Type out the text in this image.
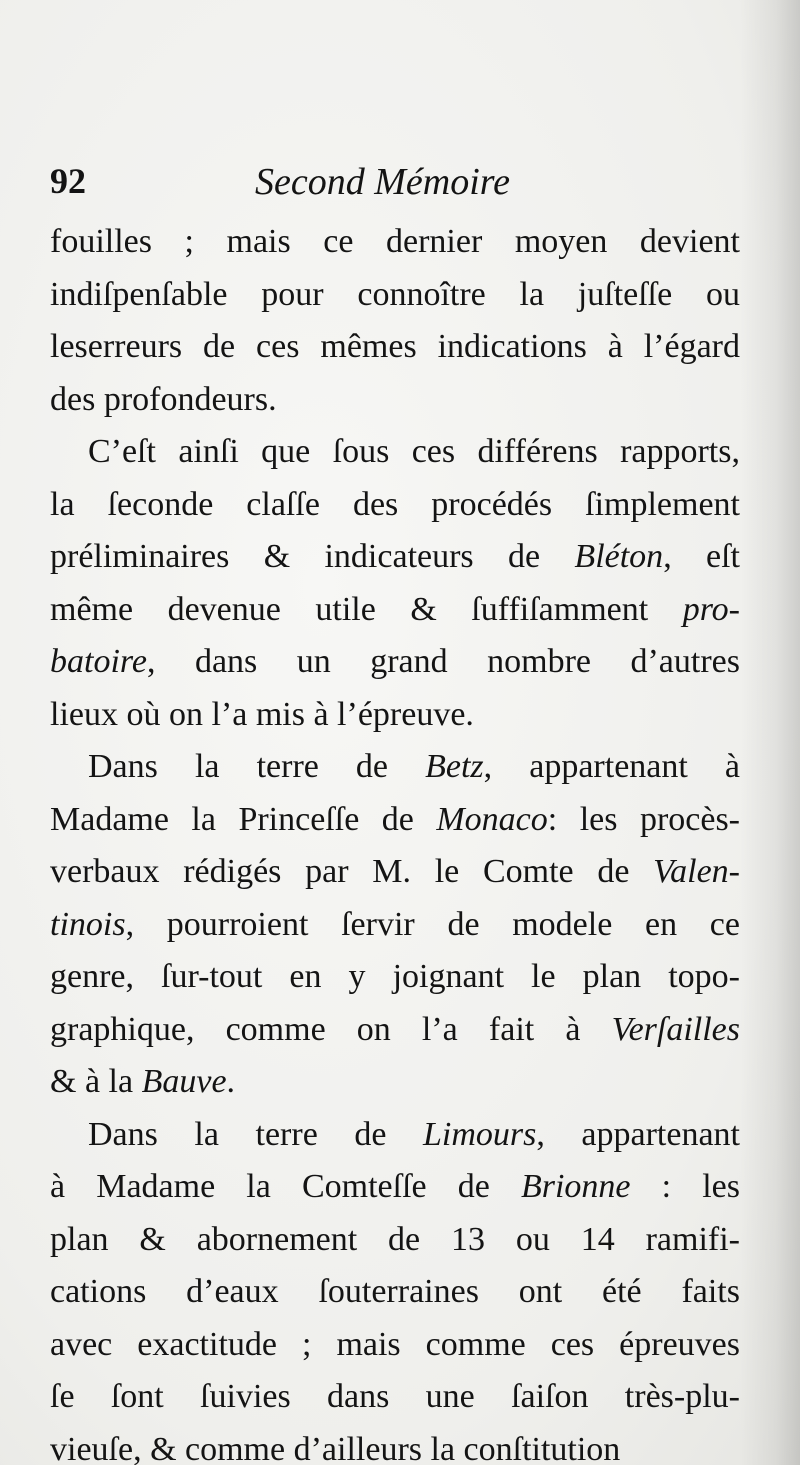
92	Second Mémoire
fouilles ; mais ce dernier moyen devient
indiſpenſable pour connoître la juſteſſe ou
leserreurs de ces mêmes indications à l’égard
des profondeurs.
C’eſt ainſi que ſous ces différens rapports,
la ſeconde claſſe des procédés ſimplement
préliminaires & indicateurs de Bléton, eſt
même devenue utile & ſuffiſamment pro-
batoire, dans un grand nombre d’autres
lieux où on l’a mis à l’épreuve.
Dans la terre de Betz, appartenant à
Madame la Princeſſe de Monaco: les procès-
verbaux rédigés par M. le Comte de Valen-
tinois, pourroient ſervir de modele en ce
genre, ſur-tout en y joignant le plan topo-
graphique, comme on l’a fait à Verſailles
& à la Bauve.
Dans la terre de Limours, appartenant
à Madame la Comteſſe de Brionne : les
plan & abornement de 13 ou 14 ramifi-
cations d’eaux ſouterraines ont été faits
avec exactitude ; mais comme ces épreuves
ſe ſont ſuivies dans une ſaiſon très-plu-
vieuſe, & comme d’ailleurs la conſtitution
